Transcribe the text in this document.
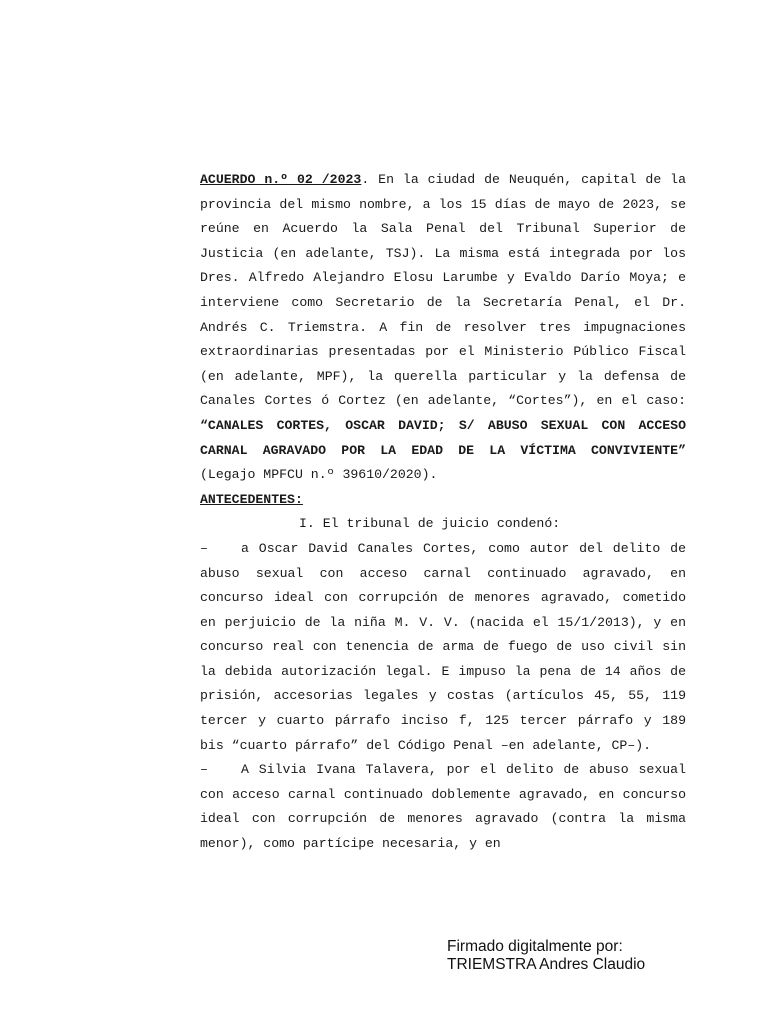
ACUERDO n.º 02 /2023. En la ciudad de Neuquén, capital de la provincia del mismo nombre, a los 15 días de mayo de 2023, se reúne en Acuerdo la Sala Penal del Tribunal Superior de Justicia (en adelante, TSJ). La misma está integrada por los Dres. Alfredo Alejandro Elosu Larumbe y Evaldo Darío Moya; e interviene como Secretario de la Secretaría Penal, el Dr. Andrés C. Triemstra. A fin de resolver tres impugnaciones extraordinarias presentadas por el Ministerio Público Fiscal (en adelante, MPF), la querella particular y la defensa de Canales Cortes ó Cortez (en adelante, “Cortes”), en el caso: “CANALES CORTES, OSCAR DAVID; S/ ABUSO SEXUAL CON ACCESO CARNAL AGRAVADO POR LA EDAD DE LA VÍCTIMA CONVIVIENTE” (Legajo MPFCU n.º 39610/2020).

ANTECEDENTES:

I. El tribunal de juicio condenó:

–	a Oscar David Canales Cortes, como autor del delito de abuso sexual con acceso carnal continuado agravado, en concurso ideal con corrupción de menores agravado, cometido en perjuicio de la niña M. V. V. (nacida el 15/1/2013), y en concurso real con tenencia de arma de fuego de uso civil sin la debida autorización legal. E impuso la pena de 14 años de prisión, accesorias legales y costas (artículos 45, 55, 119 tercer y cuarto párrafo inciso f, 125 tercer párrafo y 189 bis “cuarto párrafo” del Código Penal –en adelante, CP–).

–	A Silvia Ivana Talavera, por el delito de abuso sexual con acceso carnal continuado doblemente agravado, en concurso ideal con corrupción de menores agravado (contra la misma menor), como partícipe necesaria, y en

Firmado digitalmente por:
TRIEMSTRA Andres Claudio
